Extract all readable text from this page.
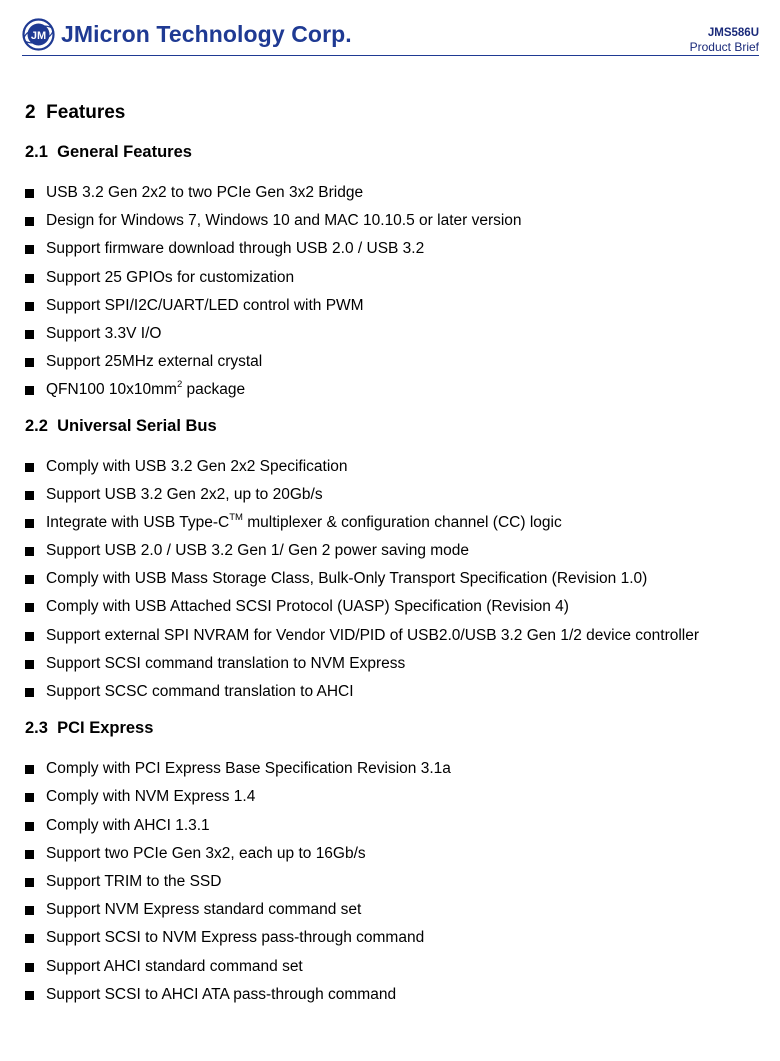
JM JMicron Technology Corp.	JMS586U
Product Brief
2 Features
2.1 General Features
USB 3.2 Gen 2x2 to two PCIe Gen 3x2 Bridge
Design for Windows 7, Windows 10 and MAC 10.10.5 or later version
Support firmware download through USB 2.0 / USB 3.2
Support 25 GPIOs for customization
Support SPI/I2C/UART/LED control with PWM
Support 3.3V I/O
Support 25MHz external crystal
QFN100 $10x10mm^2$ package
2.2 Universal Serial Bus
Comply with USB 3.2 Gen 2x2 Specification
Support USB 3.2 Gen 2x2, up to 20Gb/s
Integrate with USB Type-C™ multiplexer & configuration channel (CC) logic
Support USB 2.0 / USB 3.2 Gen 1/ Gen 2 power saving mode
Comply with USB Mass Storage Class, Bulk-Only Transport Specification (Revision 1.0)
Comply with USB Attached SCSI Protocol (UASP) Specification (Revision 4)
Support external SPI NVRAM for Vendor VID/PID of USB2.0/USB 3.2 Gen 1/2 device controller
Support SCSI command translation to NVM Express
Support SCSC command translation to AHCI
2.3 PCI Express
Comply with PCI Express Base Specification Revision 3.1a
Comply with NVM Express 1.4
Comply with AHCI 1.3.1
Support two PCIe Gen 3x2, each up to 16Gb/s
Support TRIM to the SSD
Support NVM Express standard command set
Support SCSI to NVM Express pass-through command
Support AHCI standard command set
Support SCSI to AHCI ATA pass-through command
